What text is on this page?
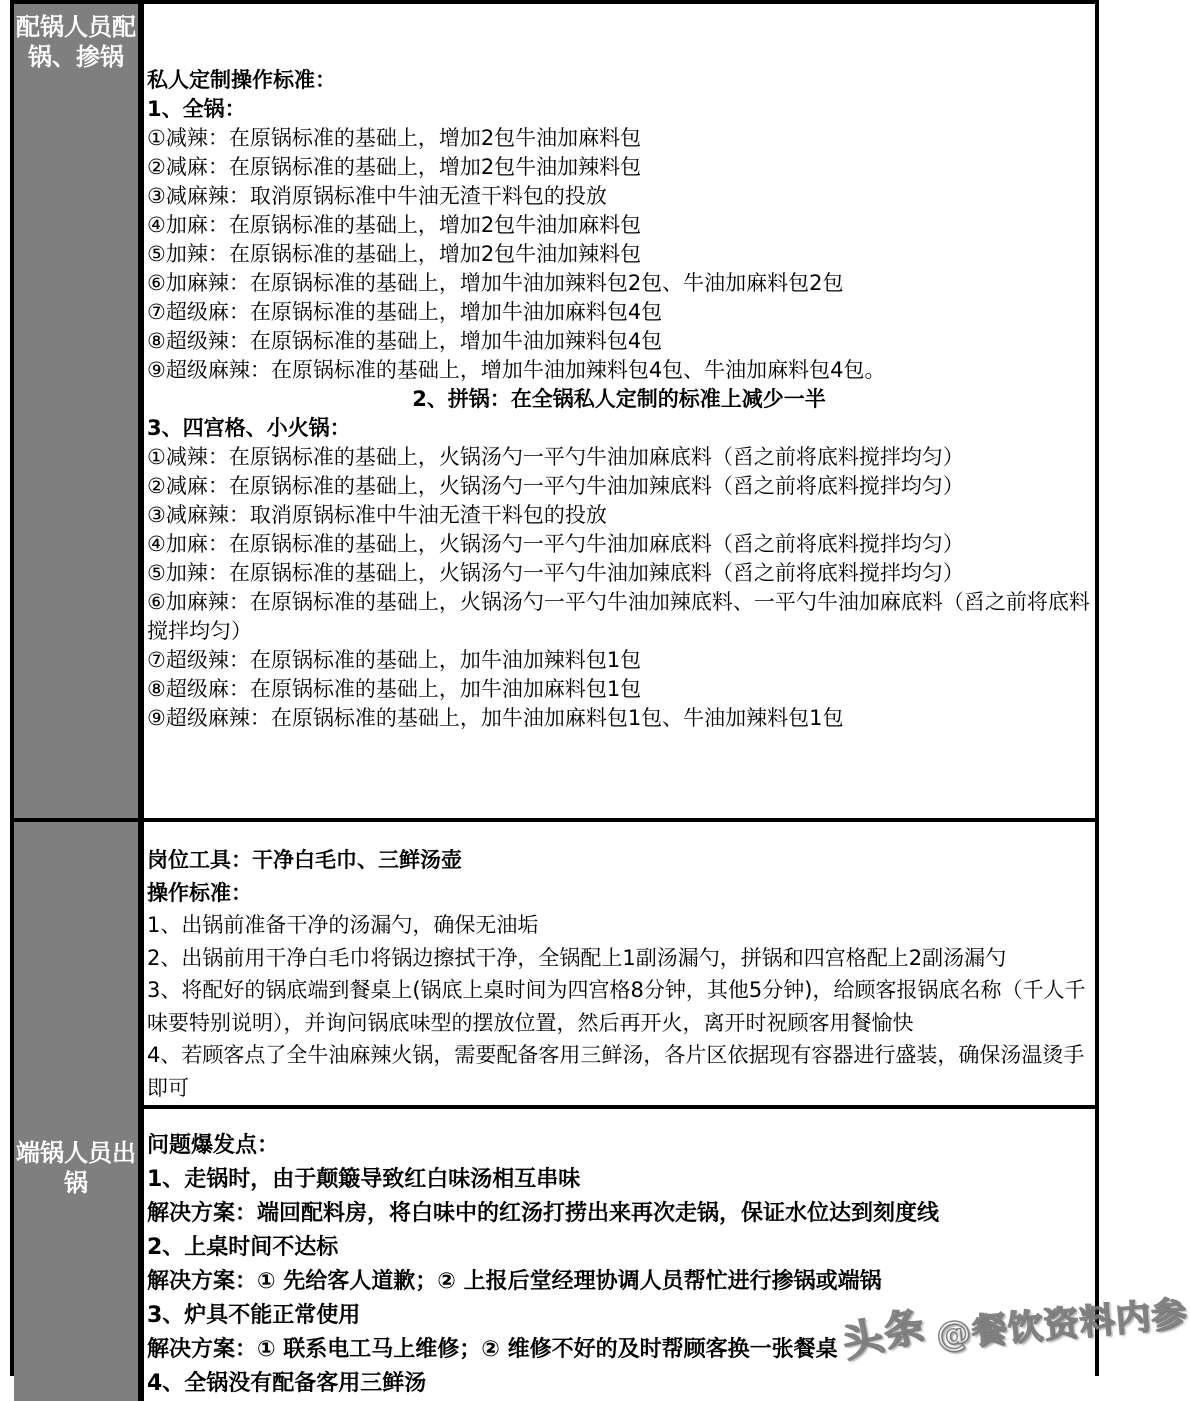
配锅人员配锅、掺锅
私人定制操作标准：
1、全锅：
①减辣：在原锅标准的基础上，增加2包牛油加麻料包
②减麻：在原锅标准的基础上，增加2包牛油加辣料包
③减麻辣：取消原锅标准中牛油无渣干料包的投放
④加麻：在原锅标准的基础上，增加2包牛油加麻料包
⑤加辣：在原锅标准的基础上，增加2包牛油加辣料包
⑥加麻辣：在原锅标准的基础上，增加牛油加辣料包2包、牛油加麻料包2包
⑦超级麻：在原锅标准的基础上，增加牛油加麻料包4包
⑧超级辣：在原锅标准的基础上，增加牛油加辣料包4包
⑨超级麻辣：在原锅标准的基础上，增加牛油加辣料包4包、牛油加麻料包4包。
2、拼锅：在全锅私人定制的标准上减少一半
3、四宫格、小火锅：
①减辣：在原锅标准的基础上，火锅汤勺一平勺牛油加麻底料（舀之前将底料搅拌均匀）
②减麻：在原锅标准的基础上，火锅汤勺一平勺牛油加辣底料（舀之前将底料搅拌均匀）
③减麻辣：取消原锅标准中牛油无渣干料包的投放
④加麻：在原锅标准的基础上，火锅汤勺一平勺牛油加麻底料（舀之前将底料搅拌均匀）
⑤加辣：在原锅标准的基础上，火锅汤勺一平勺牛油加辣底料（舀之前将底料搅拌均匀）
⑥加麻辣：在原锅标准的基础上，火锅汤勺一平勺牛油加辣底料、一平勺牛油加麻底料（舀之前将底料搅拌均匀）
⑦超级辣：在原锅标准的基础上，加牛油加辣料包1包
⑧超级麻：在原锅标准的基础上，加牛油加麻料包1包
⑨超级麻辣：在原锅标准的基础上，加牛油加麻料包1包、牛油加辣料包1包
端锅人员出锅
岗位工具：干净白毛巾、三鲜汤壶
操作标准：
1、出锅前准备干净的汤漏勺，确保无油垢
2、出锅前用干净白毛巾将锅边擦拭干净，全锅配上1副汤漏勺，拼锅和四宫格配上2副汤漏勺
3、将配好的锅底端到餐桌上(锅底上桌时间为四宫格8分钟，其他5分钟)，给顾客报锅底名称（千人千味要特别说明），并询问锅底味型的摆放位置，然后再开火，离开时祝顾客用餐愉快
4、若顾客点了全牛油麻辣火锅，需要配备客用三鲜汤，各片区依据现有容器进行盛装，确保汤温烫手即可
问题爆发点：
1、走锅时，由于颠簸导致红白味汤相互串味
解决方案：端回配料房，将白味中的红汤打捞出来再次走锅，保证水位达到刻度线
2、上桌时间不达标
解决方案：① 先给客人道歉；② 上报后堂经理协调人员帮忙进行掺锅或端锅
3、炉具不能正常使用
解决方案：① 联系电工马上维修；② 维修不好的及时帮顾客换一张餐桌
4、全锅没有配备客用三鲜汤
头条 @餐饮资料内参
